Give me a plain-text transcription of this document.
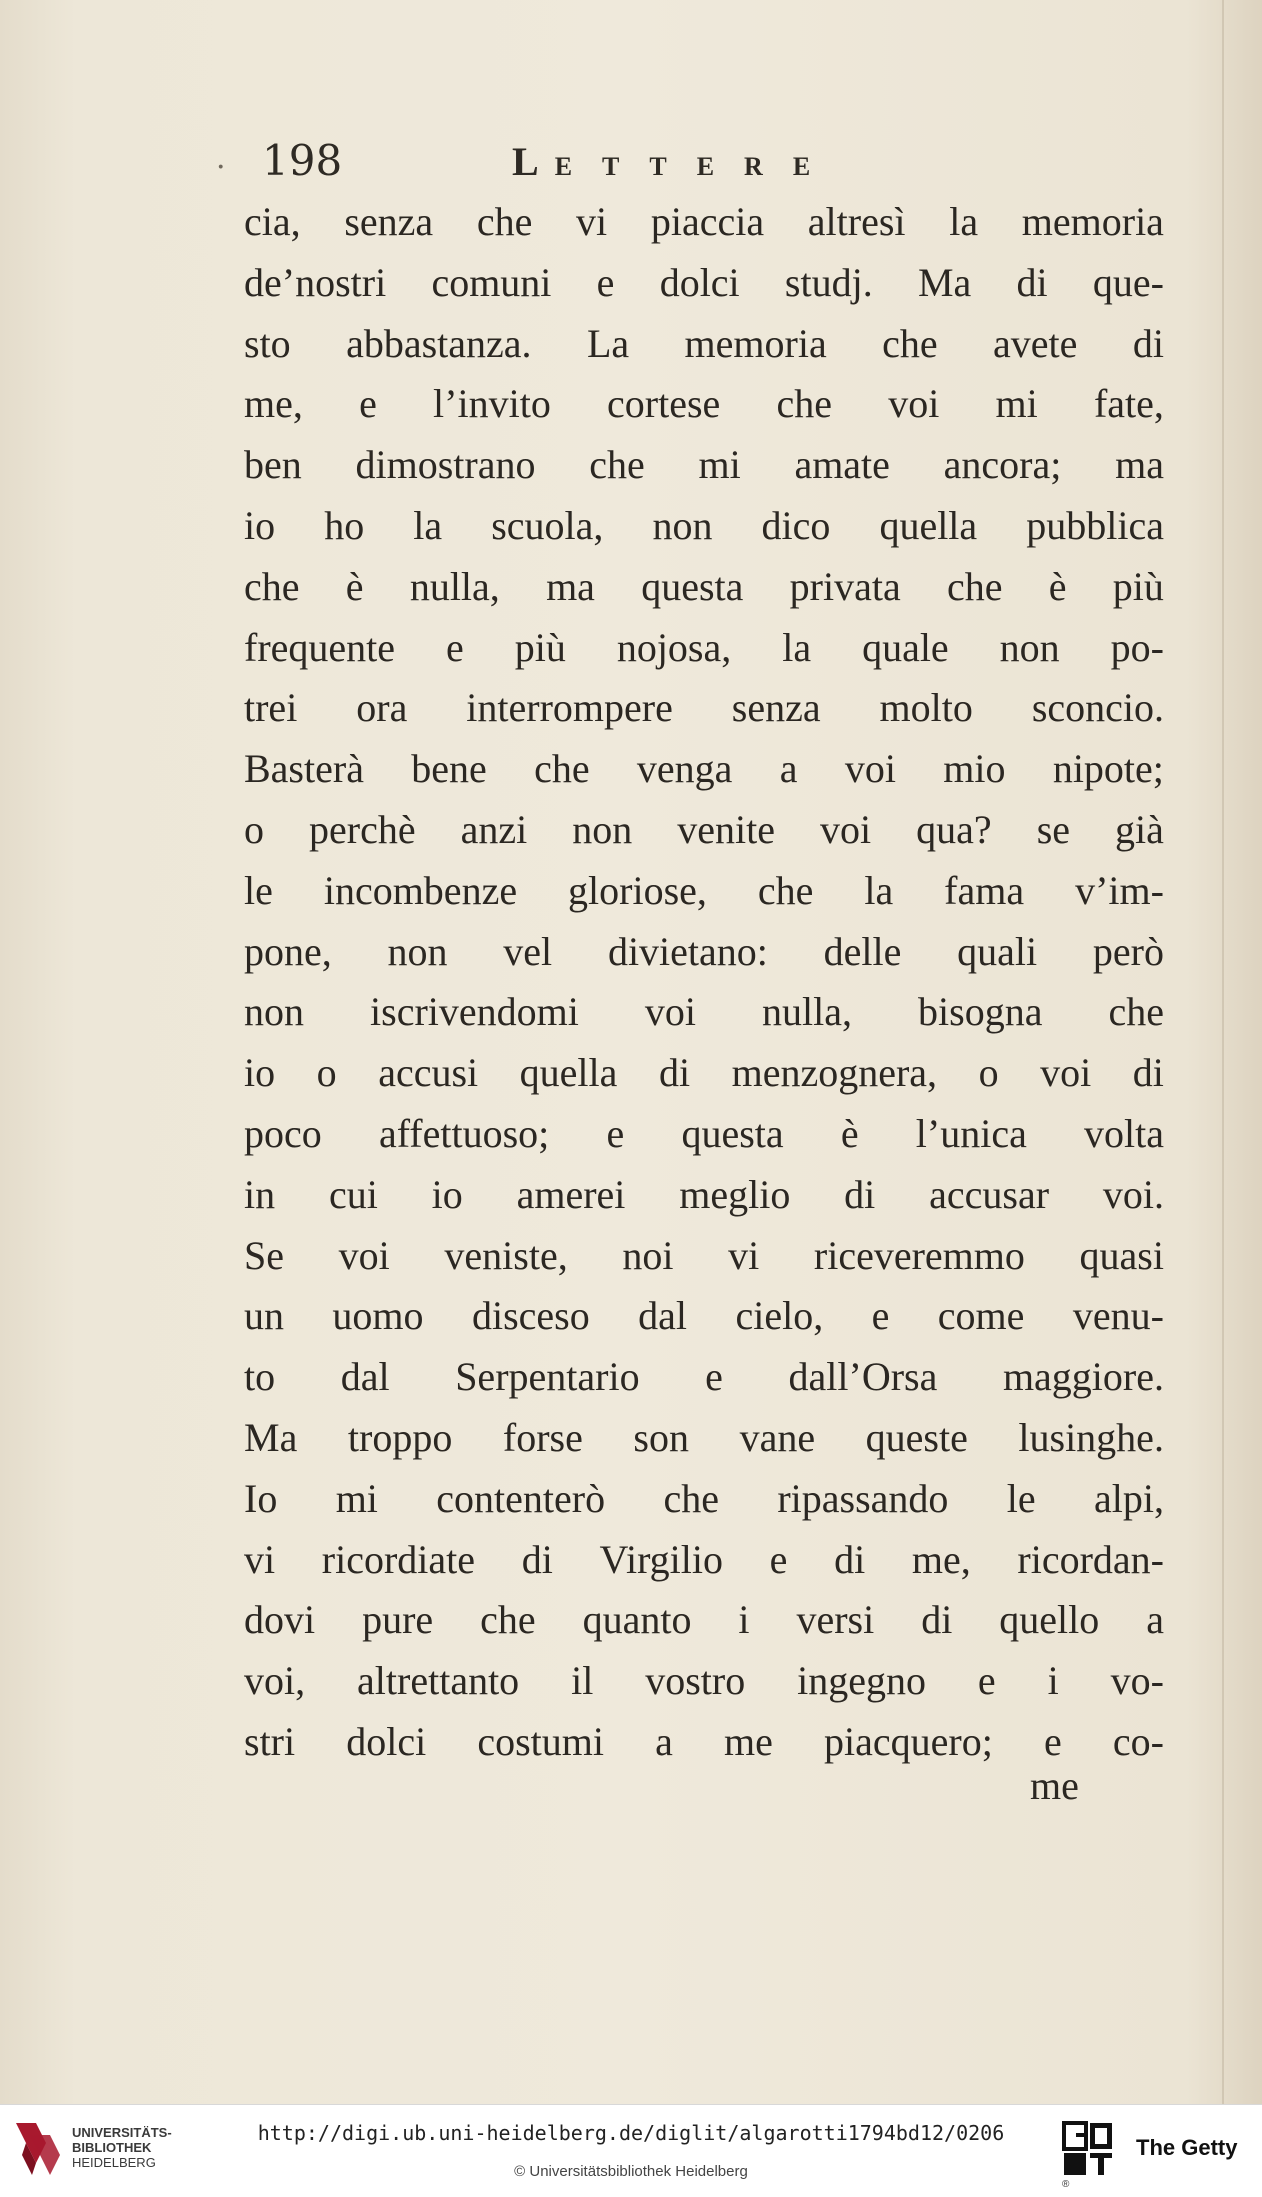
· 198	LETTERE
cia, senza che vi piaccia altresì la memoria
de’nostri comuni e dolci studj. Ma di que-
sto abbastanza. La memoria che avete di
me, e l’invito cortese che voi mi fate,
ben dimostrano che mi amate ancora; ma
io ho la scuola, non dico quella pubblica
che è nulla, ma questa privata che è più
frequente e più nojosa, la quale non po-
trei ora interrompere senza molto sconcio.
Basterà bene che venga a voi mio nipote;
o perchè anzi non venite voi qua? se già
le incombenze gloriose, che la fama v’im-
pone, non vel divietano: delle quali però
non iscrivendomi voi nulla, bisogna che
io o accusi quella di menzognera, o voi di
poco affettuoso; e questa è l’unica volta
in cui io amerei meglio di accusar voi.
Se voi veniste, noi vi riceveremmo quasi
un uomo disceso dal cielo, e come venu-
to dal Serpentario e dall’Orsa maggiore.
Ma troppo forse son vane queste lusinghe.
Io mi contenterò che ripassando le alpi,
vi ricordiate di Virgilio e di me, ricordan-
dovi pure che quanto i versi di quello a
voi, altrettanto il vostro ingegno e i vo-
stri dolci costumi a me piacquero; e co-
me
UNIVERSITÄTS-
BIBLIOTHEK
HEIDELBERG
http://digi.ub.uni-heidelberg.de/diglit/algarotti1794bd12/0206
© Universitätsbibliothek Heidelberg
®
The Getty
